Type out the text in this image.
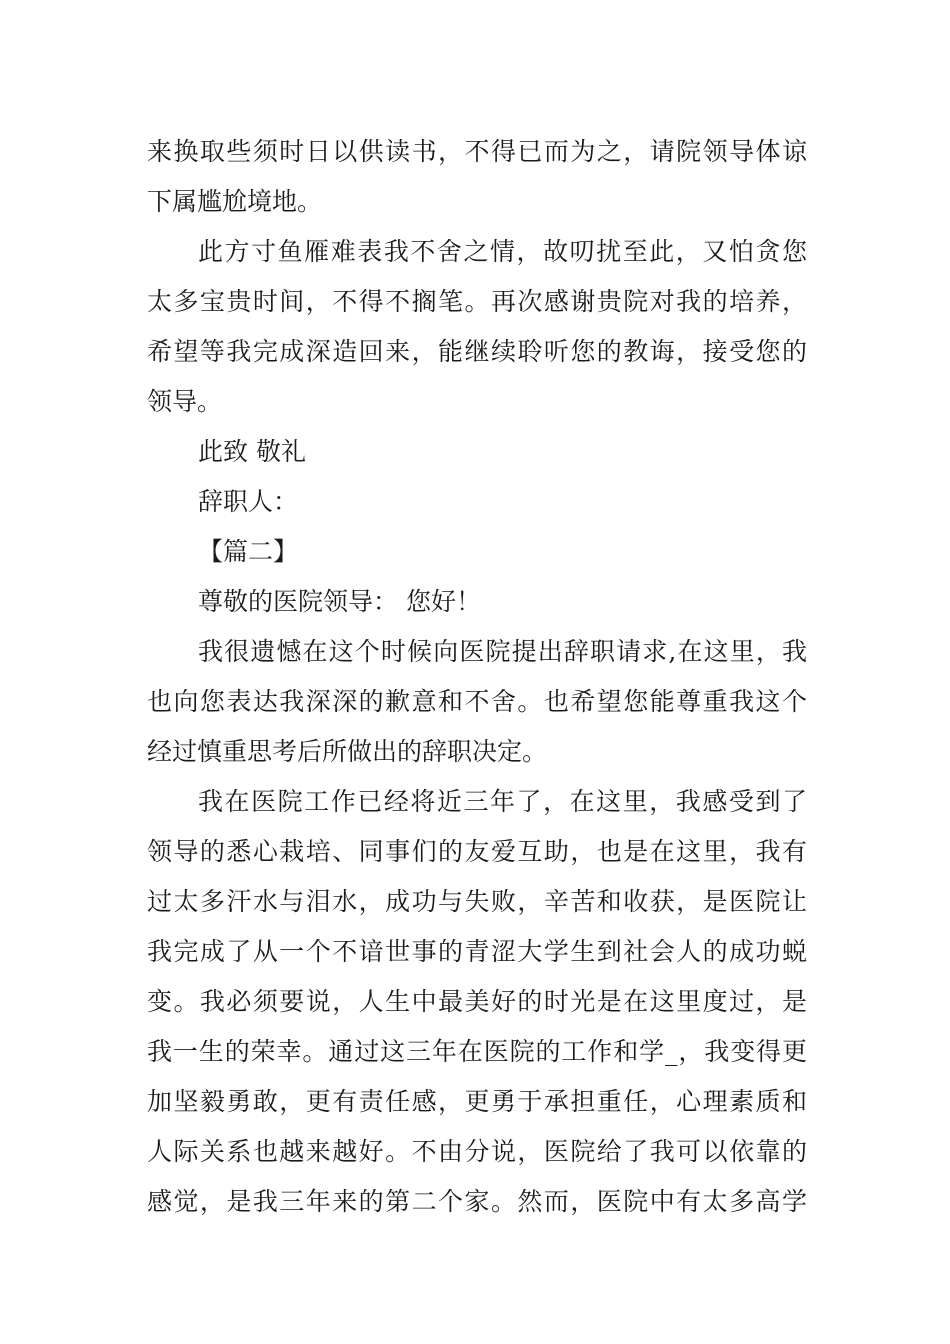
来换取些须时日以供读书，不得已而为之，请院领导体谅
下属尴尬境地。
此方寸鱼雁难表我不舍之情，故叨扰至此，又怕贪您
太多宝贵时间，不得不搁笔。再次感谢贵院对我的培养，
希望等我完成深造回来，能继续聆听您的教诲，接受您的
领导。
此致 敬礼
辞职人：
【篇二】
尊敬的医院领导： 您好！
我很遗憾在这个时候向医院提出辞职请求,在这里，我
也向您表达我深深的歉意和不舍。也希望您能尊重我这个
经过慎重思考后所做出的辞职决定。
我在医院工作已经将近三年了，在这里，我感受到了
领导的悉心栽培、同事们的友爱互助，也是在这里，我有
过太多汗水与泪水，成功与失败，辛苦和收获，是医院让
我完成了从一个不谙世事的青涩大学生到社会人的成功蜕
变。我必须要说，人生中最美好的时光是在这里度过，是
我一生的荣幸。通过这三年在医院的工作和学_，我变得更
加坚毅勇敢，更有责任感，更勇于承担重任，心理素质和
人际关系也越来越好。不由分说，医院给了我可以依靠的
感觉，是我三年来的第二个家。然而，医院中有太多高学
